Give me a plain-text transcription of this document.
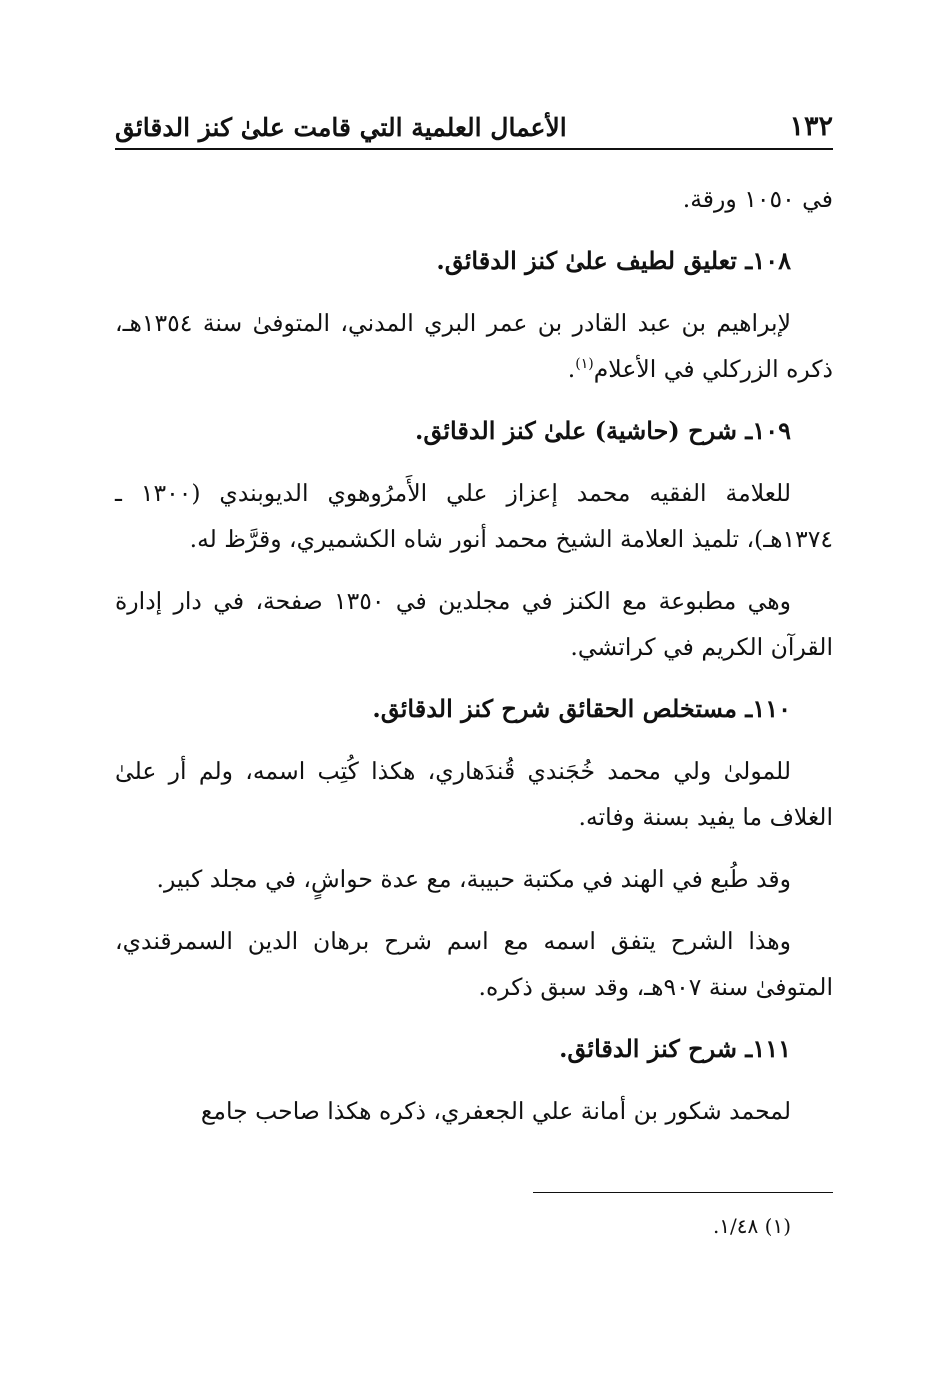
١٣٢
الأعمال العلمية التي قامت علىٰ كنز الدقائق

في ١٠٥٠ ورقة.

١٠٨ـ تعليق لطيف علىٰ كنز الدقائق.

لإبراهيم بن عبد القادر بن عمر البري المدني، المتوفىٰ سنة ١٣٥٤هـ، ذكره الزركلي في الأعلام$^{(١)}$.

١٠٩ـ شرح (حاشية) علىٰ كنز الدقائق.

للعلامة الفقيه محمد إعزاز علي الأَمرُوهوي الديوبندي (١٣٠٠ ـ ١٣٧٤هـ)، تلميذ العلامة الشيخ محمد أنور شاه الكشميري، وقرَّظ له.

وهي مطبوعة مع الكنز في مجلدين في ١٣٥٠ صفحة، في دار إدارة القرآن الكريم في كراتشي.

١١٠ـ مستخلص الحقائق شرح كنز الدقائق.

للمولىٰ ولي محمد خُجَندي قُندَهاري، هكذا كُتِب اسمه، ولم أر علىٰ الغلاف ما يفيد بسنة وفاته.

وقد طُبع في الهند في مكتبة حبيبة، مع عدة حواشٍ، في مجلد كبير.

وهذا الشرح يتفق اسمه مع اسم شرح برهان الدين السمرقندي، المتوفىٰ سنة ٩٠٧هـ، وقد سبق ذكره.

١١١ـ شرح كنز الدقائق.

لمحمد شكور بن أمانة علي الجعفري، ذكره هكذا صاحب جامع

(١) ١/٤٨.
